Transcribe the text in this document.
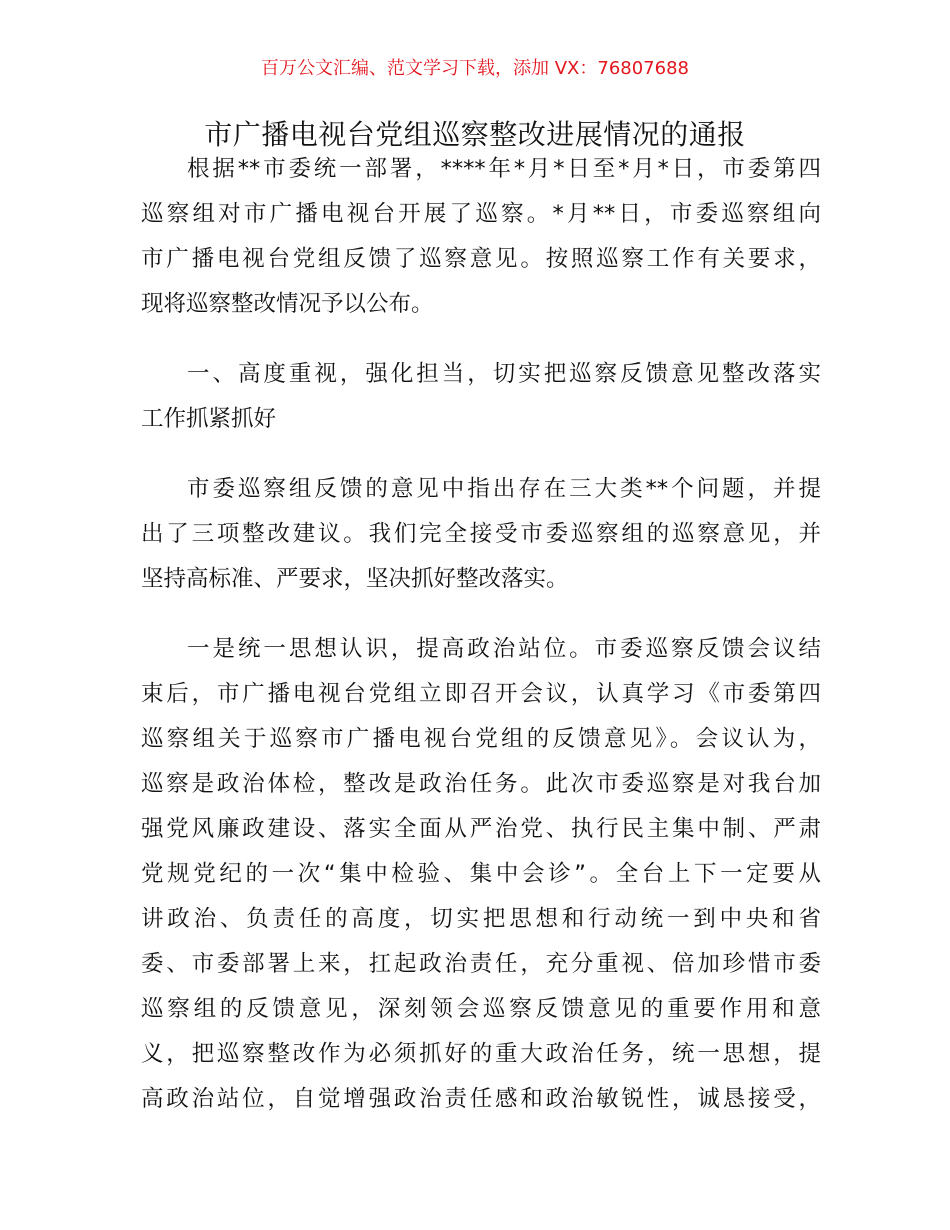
百万公文汇编、范文学习下载，添加 VX：76807688
市广播电视台党组巡察整改进展情况的通报
根据**市委统一部署，****年*月*日至*月*日，市委第四
巡察组对市广播电视台开展了巡察。*月**日，市委巡察组向
市广播电视台党组反馈了巡察意见。按照巡察工作有关要求，
现将巡察整改情况予以公布。
一、高度重视，强化担当，切实把巡察反馈意见整改落实
工作抓紧抓好
市委巡察组反馈的意见中指出存在三大类**个问题，并提
出了三项整改建议。我们完全接受市委巡察组的巡察意见，并
坚持高标准、严要求，坚决抓好整改落实。
一是统一思想认识，提高政治站位。市委巡察反馈会议结
束后，市广播电视台党组立即召开会议，认真学习《市委第四
巡察组关于巡察市广播电视台党组的反馈意见》。会议认为，
巡察是政治体检，整改是政治任务。此次市委巡察是对我台加
强党风廉政建设、落实全面从严治党、执行民主集中制、严肃
党规党纪的一次“集中检验、集中会诊”。全台上下一定要从
讲政治、负责任的高度，切实把思想和行动统一到中央和省
委、市委部署上来，扛起政治责任，充分重视、倍加珍惜市委
巡察组的反馈意见，深刻领会巡察反馈意见的重要作用和意
义，把巡察整改作为必须抓好的重大政治任务，统一思想，提
高政治站位，自觉增强政治责任感和政治敏锐性，诚恳接受，
